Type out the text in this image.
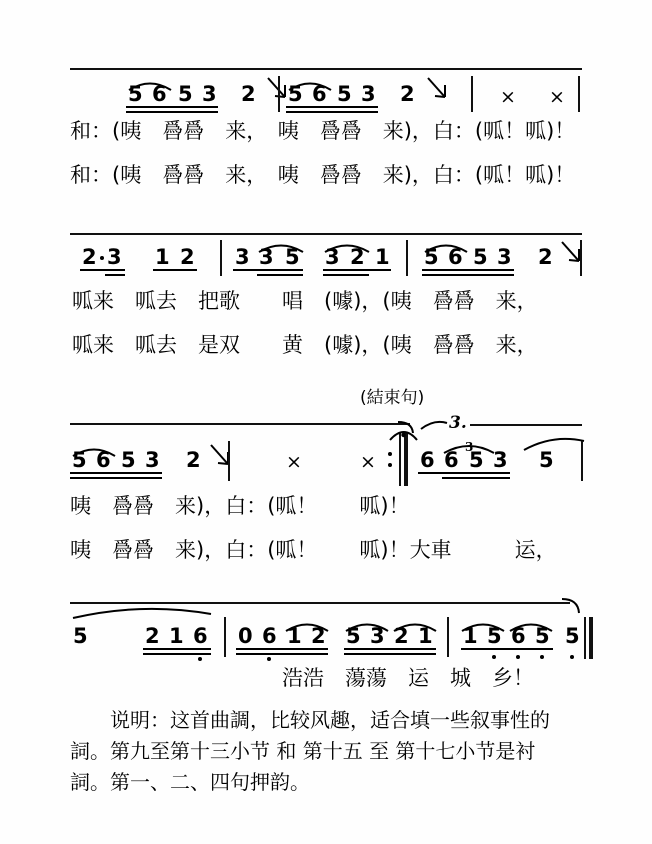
5 6 5 3 2 5 6 5 3 2	× ×
和：(咦　噕噕　来，　咦　噕噕　来)，白：(呱！呱)！
和：(咦　噕噕　来，　咦　噕噕　来)，白：(呱！呱)！
2 3 1 2 3 3 5 3 2 1 5 6 5 3 2
呱来　呱去　把歌　　唱　(噱)，(咦　噕噕　来，
呱来　呱去　是双　　黄　(噱)，(咦　噕噕　来，
(結束句)
3.
5 6 5 3 2	×	× 6
3
6 5 3 5
咦　噕噕　来)，白：(呱！　　呱)！
咦　噕噕　来)，白：(呱！　　呱)！大車　　　运，
5	2 1 6 0 6 1 2 5 3 2 1 1 5 6 5 5
　　　　　　　　　　浩浩　蕩蕩　运　城　乡！

说明：这首曲調，比较风趣，适合填一些叙事性的

詞。第九至第十三小节 和 第十五 至 第十七小节是衬

詞。第一、二、四句押韵。
